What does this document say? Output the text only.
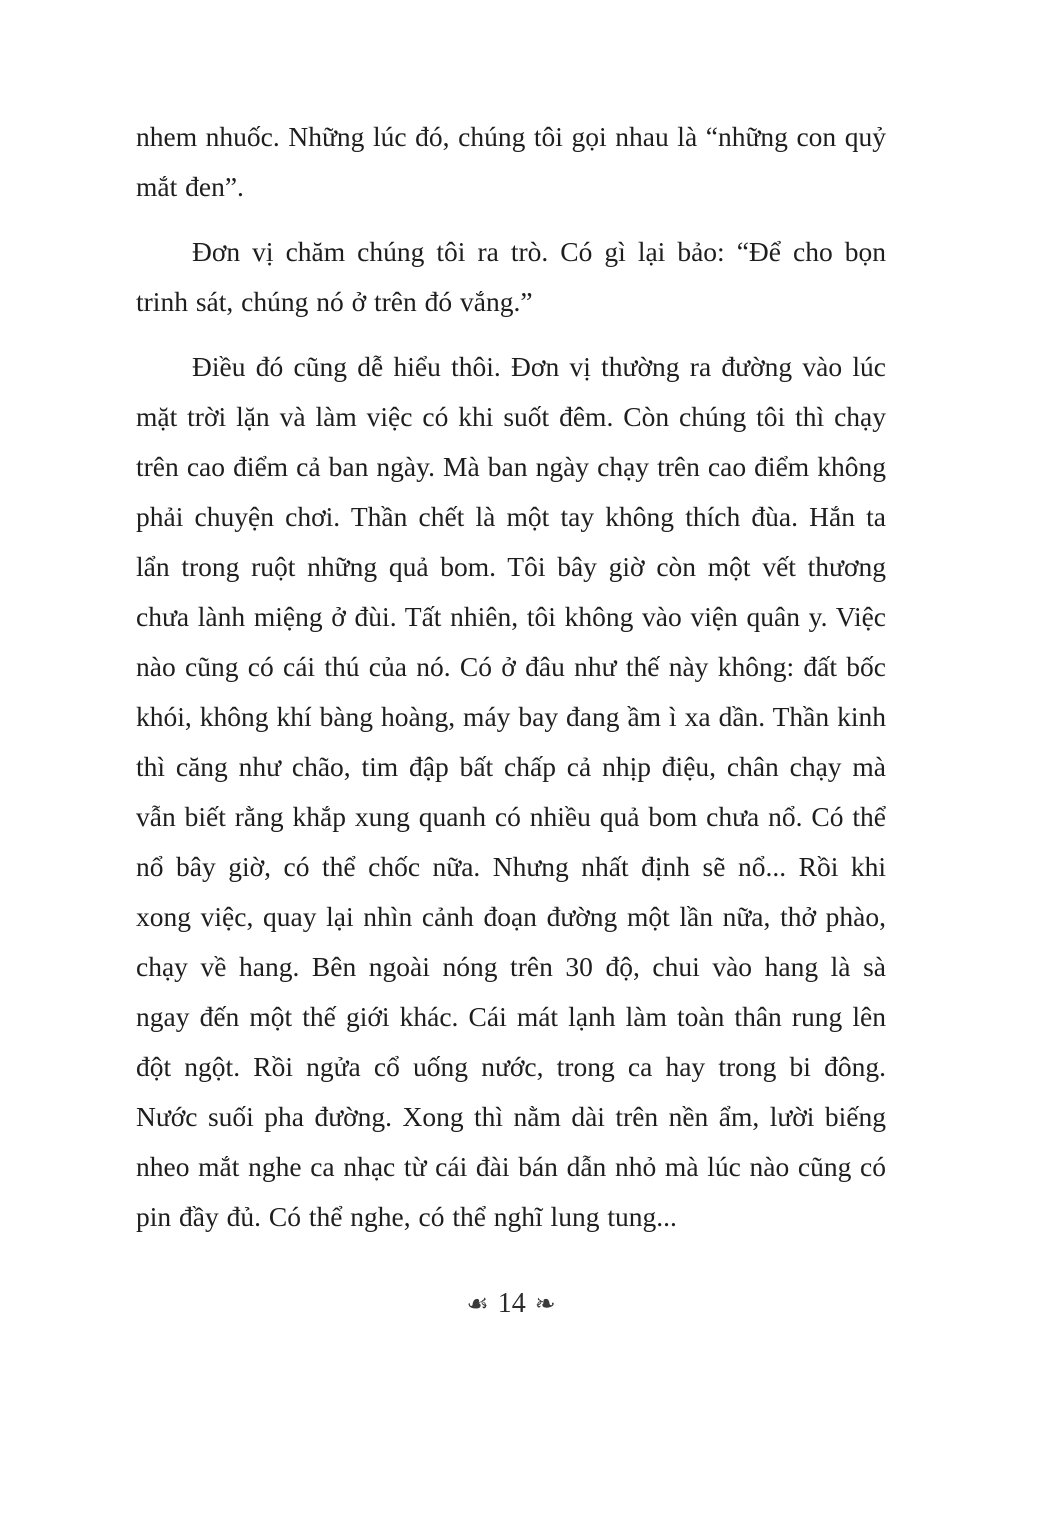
nhem nhuốc. Những lúc đó, chúng tôi gọi nhau là “những con quỷ mắt đen”.

Đơn vị chăm chúng tôi ra trò. Có gì lại bảo: “Để cho bọn trinh sát, chúng nó ở trên đó vắng.”

Điều đó cũng dễ hiểu thôi. Đơn vị thường ra đường vào lúc mặt trời lặn và làm việc có khi suốt đêm. Còn chúng tôi thì chạy trên cao điểm cả ban ngày. Mà ban ngày chạy trên cao điểm không phải chuyện chơi. Thần chết là một tay không thích đùa. Hắn ta lẩn trong ruột những quả bom. Tôi bây giờ còn một vết thương chưa lành miệng ở đùi. Tất nhiên, tôi không vào viện quân y. Việc nào cũng có cái thú của nó. Có ở đâu như thế này không: đất bốc khói, không khí bàng hoàng, máy bay đang ầm ì xa dần. Thần kinh thì căng như chão, tim đập bất chấp cả nhịp điệu, chân chạy mà vẫn biết rằng khắp xung quanh có nhiều quả bom chưa nổ. Có thể nổ bây giờ, có thể chốc nữa. Nhưng nhất định sẽ nổ... Rồi khi xong việc, quay lại nhìn cảnh đoạn đường một lần nữa, thở phào, chạy về hang. Bên ngoài nóng trên 30 độ, chui vào hang là sà ngay đến một thế giới khác. Cái mát lạnh làm toàn thân rung lên đột ngột. Rồi ngửa cổ uống nước, trong ca hay trong bi đông. Nước suối pha đường. Xong thì nằm dài trên nền ẩm, lười biếng nheo mắt nghe ca nhạc từ cái đài bán dẫn nhỏ mà lúc nào cũng có pin đầy đủ. Có thể nghe, có thể nghĩ lung tung...

☙ 14 ❧
